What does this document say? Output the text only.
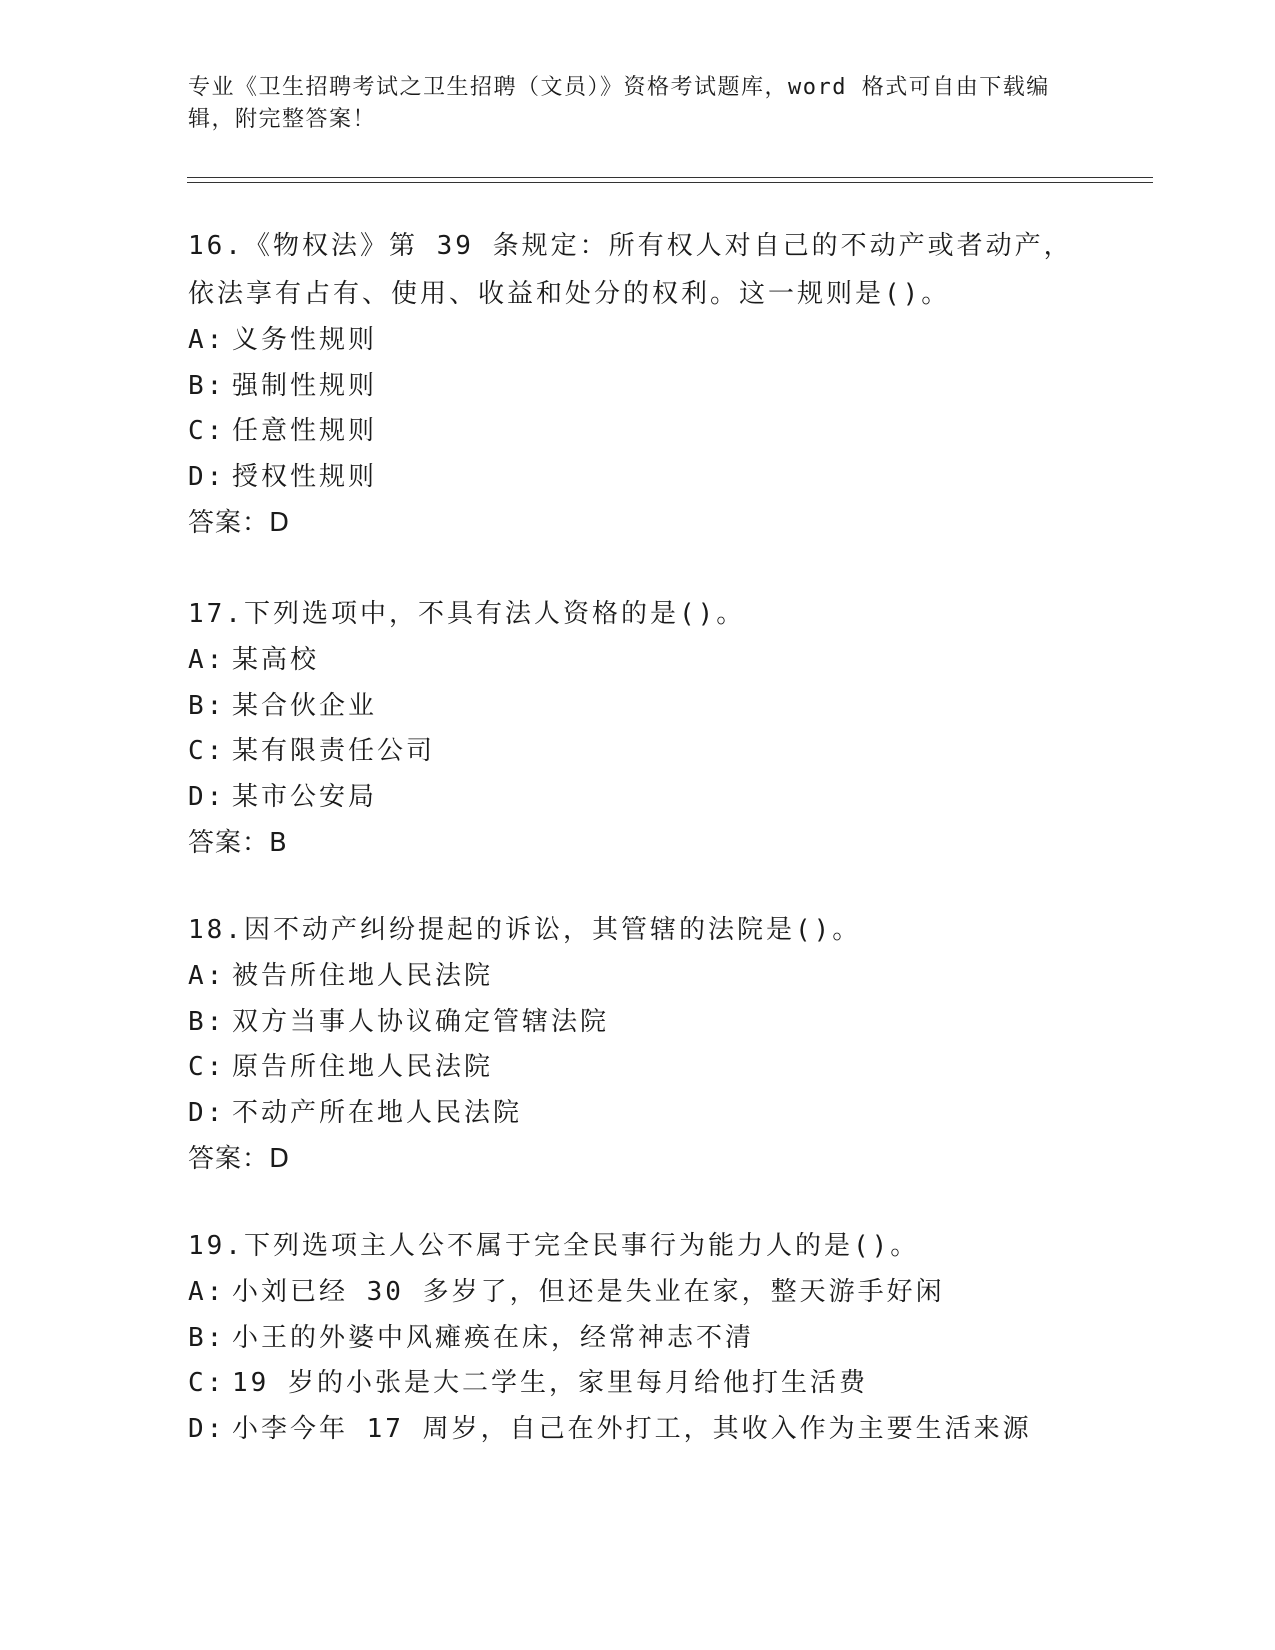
专业《卫生招聘考试之卫生招聘（文员）》资格考试题库，word 格式可自由下载编辑，附完整答案！

16.《物权法》第 39 条规定：所有权人对自己的不动产或者动产，依法享有占有、使用、收益和处分的权利。这一规则是()。

A: 义务性规则

B: 强制性规则

C: 任意性规则

D: 授权性规则

答案：D

17.下列选项中，不具有法人资格的是()。

A: 某高校

B: 某合伙企业

C: 某有限责任公司

D: 某市公安局

答案：B

18.因不动产纠纷提起的诉讼，其管辖的法院是()。

A: 被告所住地人民法院

B: 双方当事人协议确定管辖法院

C: 原告所住地人民法院

D: 不动产所在地人民法院

答案：D

19.下列选项主人公不属于完全民事行为能力人的是()。

A: 小刘已经 30 多岁了，但还是失业在家，整天游手好闲

B: 小王的外婆中风瘫痪在床，经常神志不清

C: 19 岁的小张是大二学生，家里每月给他打生活费

D: 小李今年 17 周岁，自己在外打工，其收入作为主要生活来源
